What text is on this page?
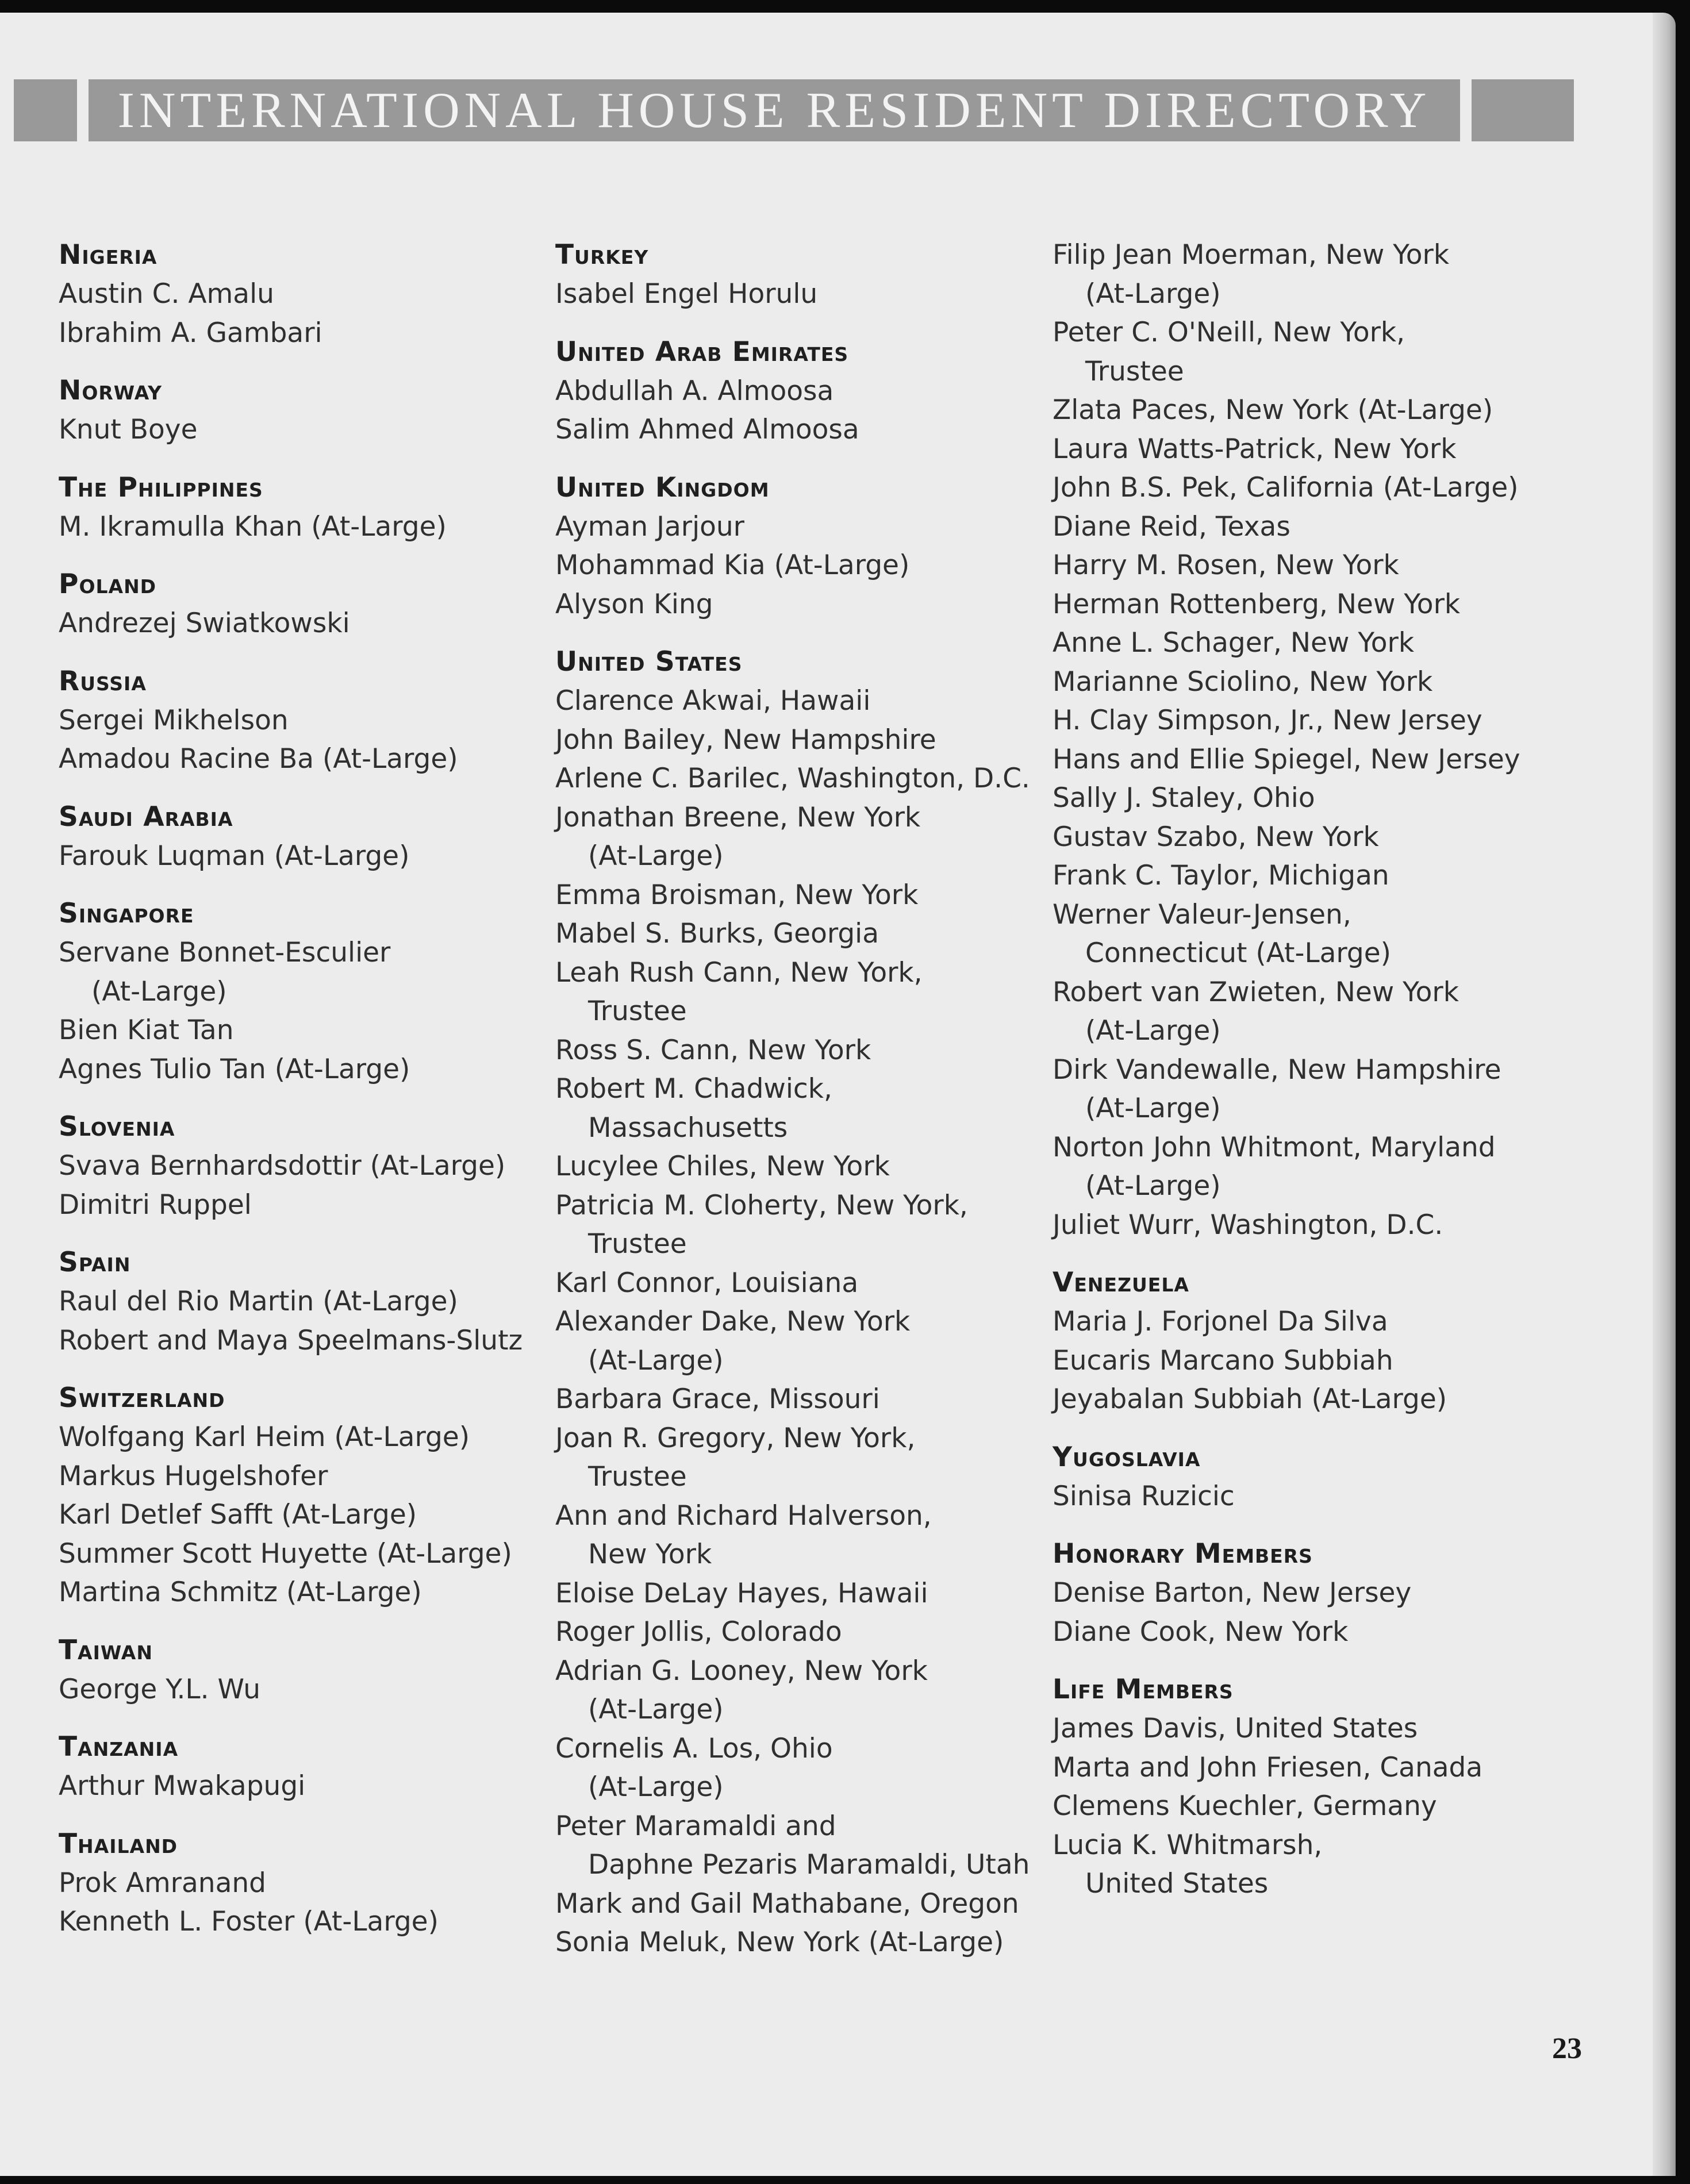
INTERNATIONAL HOUSE RESIDENT DIRECTORY
Nigeria
Austin C. Amalu
Ibrahim A. Gambari
Norway
Knut Boye
The Philippines
M. Ikramulla Khan (At-Large)
Poland
Andrezej Swiatkowski
Russia
Sergei Mikhelson
Amadou Racine Ba (At-Large)
Saudi Arabia
Farouk Luqman (At-Large)
Singapore
Servane Bonnet-Esculier
(At-Large)
Bien Kiat Tan
Agnes Tulio Tan (At-Large)
Slovenia
Svava Bernhardsdottir (At-Large)
Dimitri Ruppel
Spain
Raul del Rio Martin (At-Large)
Robert and Maya Speelmans-Slutz
Switzerland
Wolfgang Karl Heim (At-Large)
Markus Hugelshofer
Karl Detlef Safft (At-Large)
Summer Scott Huyette (At-Large)
Martina Schmitz (At-Large)
Taiwan
George Y.L. Wu
Tanzania
Arthur Mwakapugi
Thailand
Prok Amranand
Kenneth L. Foster (At-Large)
Turkey
Isabel Engel Horulu
United Arab Emirates
Abdullah A. Almoosa
Salim Ahmed Almoosa
United Kingdom
Ayman Jarjour
Mohammad Kia (At-Large)
Alyson King
United States
Clarence Akwai, Hawaii
John Bailey, New Hampshire
Arlene C. Barilec, Washington, D.C.
Jonathan Breene, New York
(At-Large)
Emma Broisman, New York
Mabel S. Burks, Georgia
Leah Rush Cann, New York,
Trustee
Ross S. Cann, New York
Robert M. Chadwick,
Massachusetts
Lucylee Chiles, New York
Patricia M. Cloherty, New York,
Trustee
Karl Connor, Louisiana
Alexander Dake, New York
(At-Large)
Barbara Grace, Missouri
Joan R. Gregory, New York,
Trustee
Ann and Richard Halverson,
New York
Eloise DeLay Hayes, Hawaii
Roger Jollis, Colorado
Adrian G. Looney, New York
(At-Large)
Cornelis A. Los, Ohio
(At-Large)
Peter Maramaldi and
Daphne Pezaris Maramaldi, Utah
Mark and Gail Mathabane, Oregon
Sonia Meluk, New York (At-Large)
Filip Jean Moerman, New York
(At-Large)
Peter C. O'Neill, New York,
Trustee
Zlata Paces, New York (At-Large)
Laura Watts-Patrick, New York
John B.S. Pek, California (At-Large)
Diane Reid, Texas
Harry M. Rosen, New York
Herman Rottenberg, New York
Anne L. Schager, New York
Marianne Sciolino, New York
H. Clay Simpson, Jr., New Jersey
Hans and Ellie Spiegel, New Jersey
Sally J. Staley, Ohio
Gustav Szabo, New York
Frank C. Taylor, Michigan
Werner Valeur-Jensen,
Connecticut (At-Large)
Robert van Zwieten, New York
(At-Large)
Dirk Vandewalle, New Hampshire
(At-Large)
Norton John Whitmont, Maryland
(At-Large)
Juliet Wurr, Washington, D.C.
Venezuela
Maria J. Forjonel Da Silva
Eucaris Marcano Subbiah
Jeyabalan Subbiah (At-Large)
Yugoslavia
Sinisa Ruzicic
Honorary Members
Denise Barton, New Jersey
Diane Cook, New York
Life Members
James Davis, United States
Marta and John Friesen, Canada
Clemens Kuechler, Germany
Lucia K. Whitmarsh,
United States
23
